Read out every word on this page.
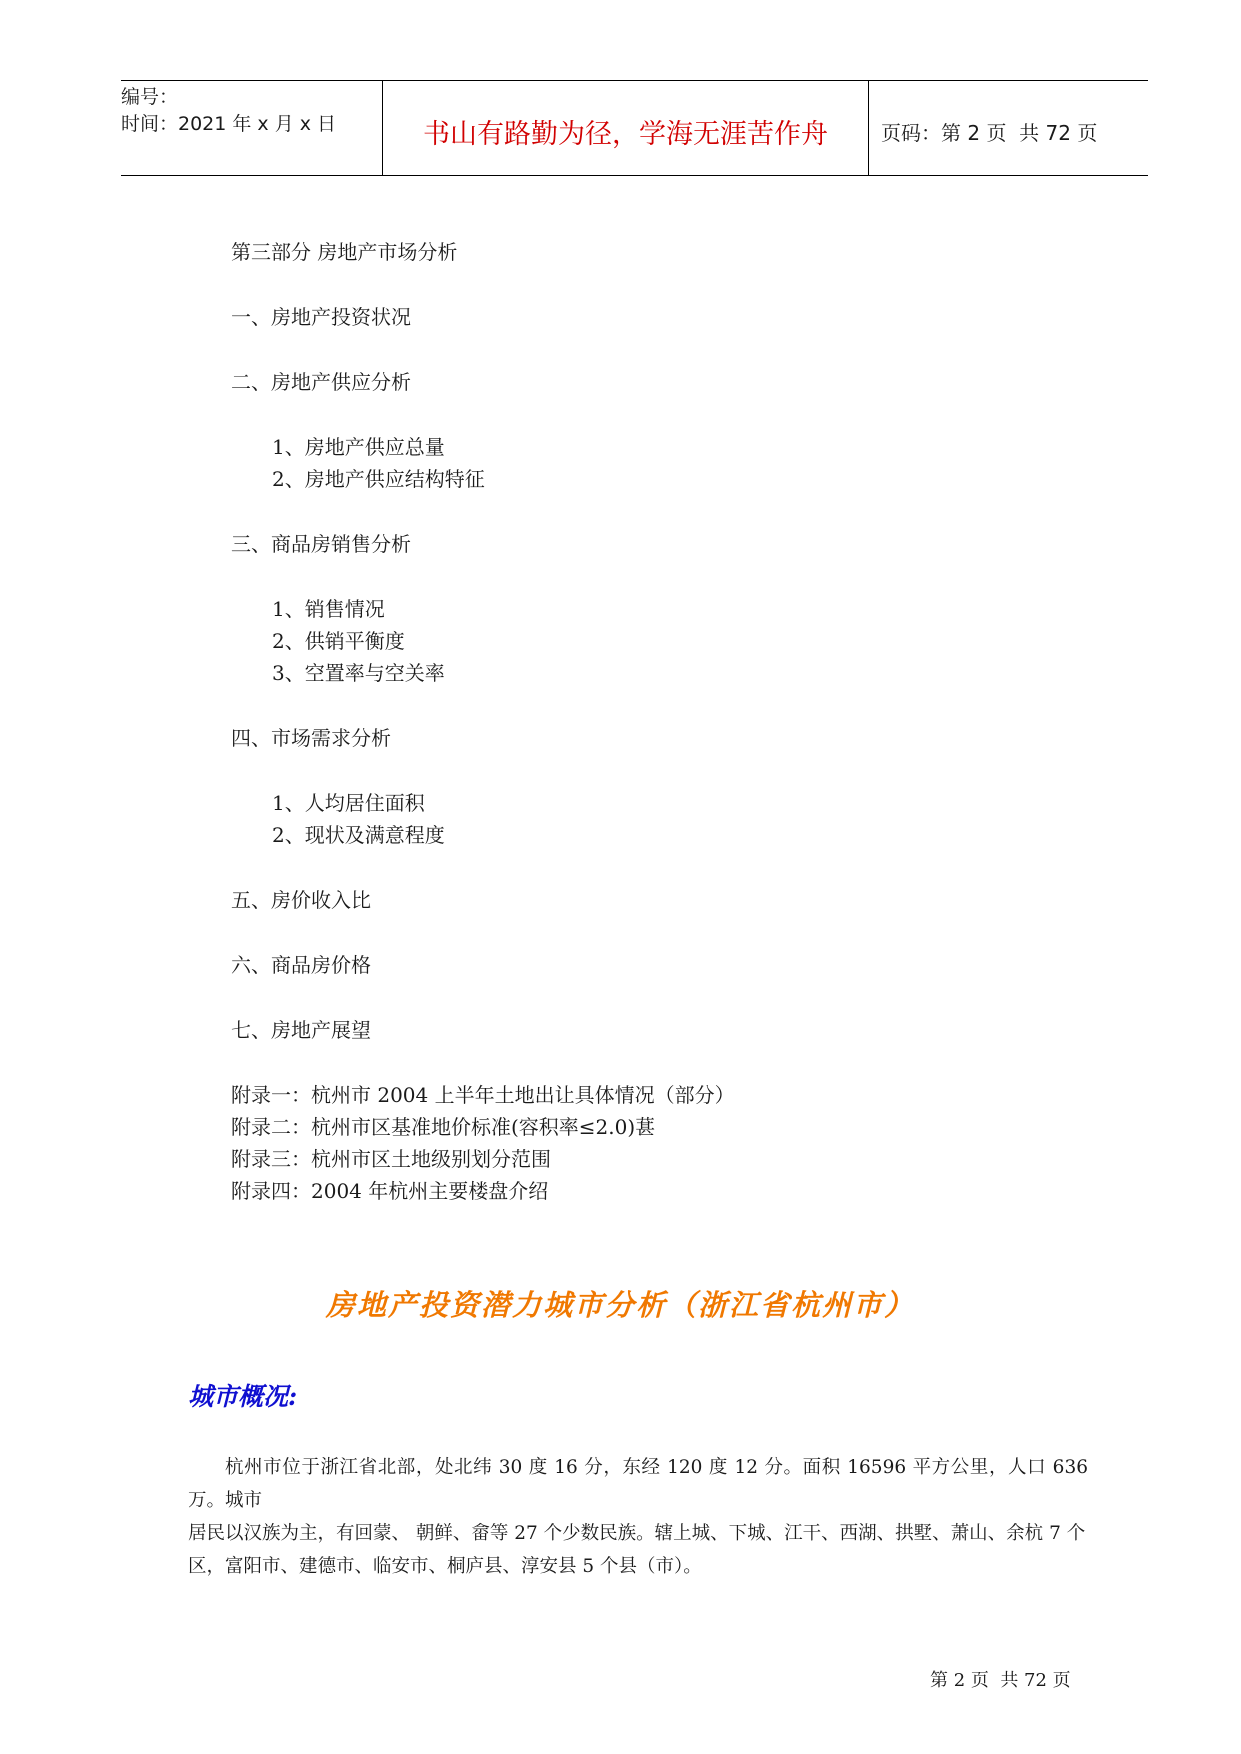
编号：
时间：2021 年 x 月 x 日	书山有路勤为径，学海无涯苦作舟	页码：第 2 页  共 72 页
第三部分 房地产市场分析
一、房地产投资状况
二、房地产供应分析
1、房地产供应总量
2、房地产供应结构特征
三、商品房销售分析
1、销售情况
2、供销平衡度
3、空置率与空关率
四、市场需求分析
1、人均居住面积
2、现状及满意程度
五、房价收入比
六、商品房价格
七、房地产展望
附录一：杭州市 2004 上半年土地出让具体情况（部分）
附录二：杭州市区基准地价标准(容积率≤2.0)葚
附录三：杭州市区土地级别划分范围
附录四：2004 年杭州主要楼盘介绍
房地产投资潜力城市分析（浙江省杭州市）
城市概况:
杭州市位于浙江省北部，处北纬 30 度 16 分，东经 120 度 12 分。面积 16596 平方公里，人口 636 万。城市
居民以汉族为主，有回蒙、 朝鲜、畲等 27 个少数民族。辖上城、下城、江干、西湖、拱墅、萧山、余杭 7 个
区，富阳市、建德市、临安市、桐庐县、淳安县 5 个县（市）。
第 2 页  共 72 页
